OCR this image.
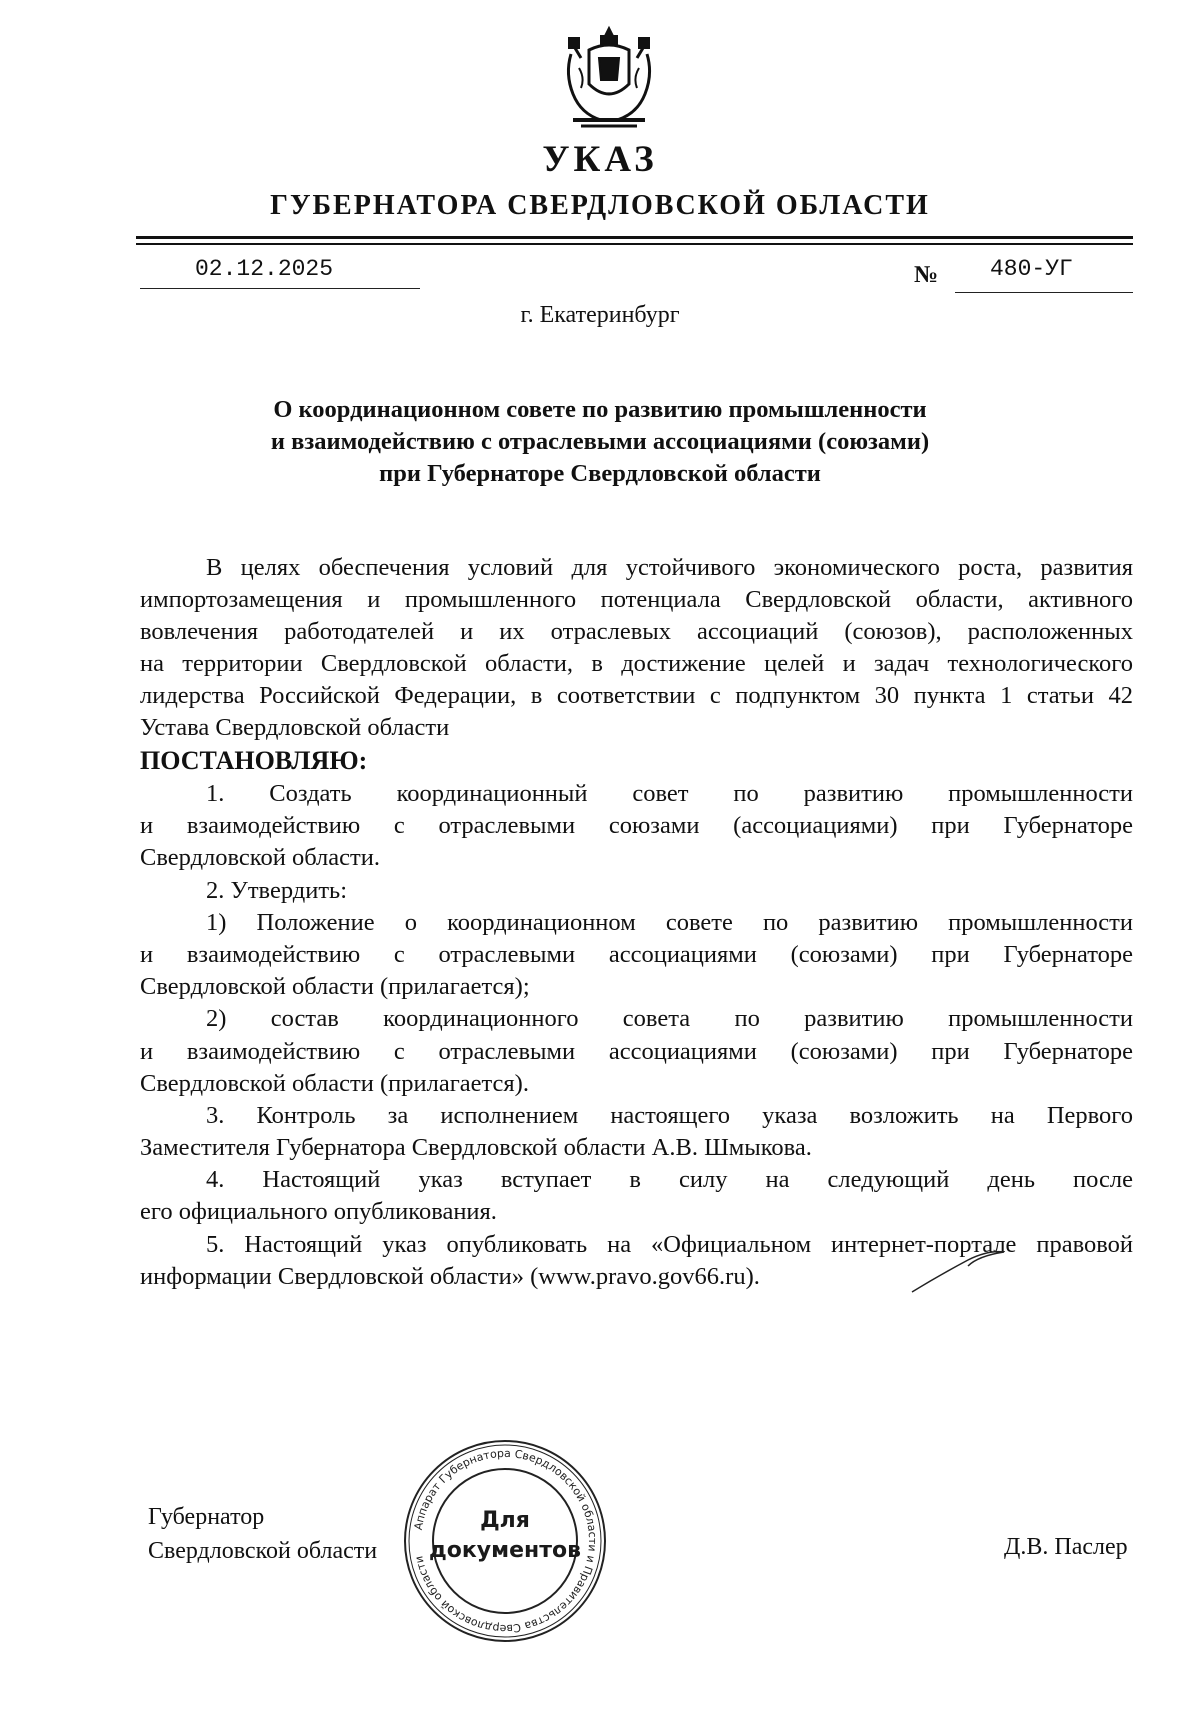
УКАЗ
ГУБЕРНАТОРА СВЕРДЛОВСКОЙ ОБЛАСТИ
02.12.2025	№ 480-УГ
г. Екатеринбург
О координационном совете по развитию промышленности
и взаимодействию с отраслевыми ассоциациями (союзами)
при Губернаторе Свердловской области
В целях обеспечения условий для устойчивого экономического роста, развития
импортозамещения и промышленного потенциала Свердловской области, активного
вовлечения работодателей и их отраслевых ассоциаций (союзов), расположенных
на территории Свердловской области, в достижение целей и задач технологического
лидерства Российской Федерации, в соответствии с подпунктом 30 пункта 1 статьи 42
Устава Свердловской области
ПОСТАНОВЛЯЮ:
1. Создать координационный совет по развитию промышленности
и взаимодействию с отраслевыми союзами (ассоциациями) при Губернаторе
Свердловской области.
2. Утвердить:
1) Положение о координационном совете по развитию промышленности
и взаимодействию с отраслевыми ассоциациями (союзами) при Губернаторе
Свердловской области (прилагается);
2) состав координационного совета по развитию промышленности
и взаимодействию с отраслевыми ассоциациями (союзами) при Губернаторе
Свердловской области (прилагается).
3. Контроль за исполнением настоящего указа возложить на Первого
Заместителя Губернатора Свердловской области А.В. Шмыкова.
4. Настоящий указ вступает в силу на следующий день после
его официального опубликования.
5. Настоящий указ опубликовать на «Официальном интернет-портале правовой
информации Свердловской области» (www.pravo.gov66.ru).
Губернатор
Свердловской области	Д.В. Паслер
Аппарат Губернатора Свердловской области и Правительства Свердловской области
Для
документов
